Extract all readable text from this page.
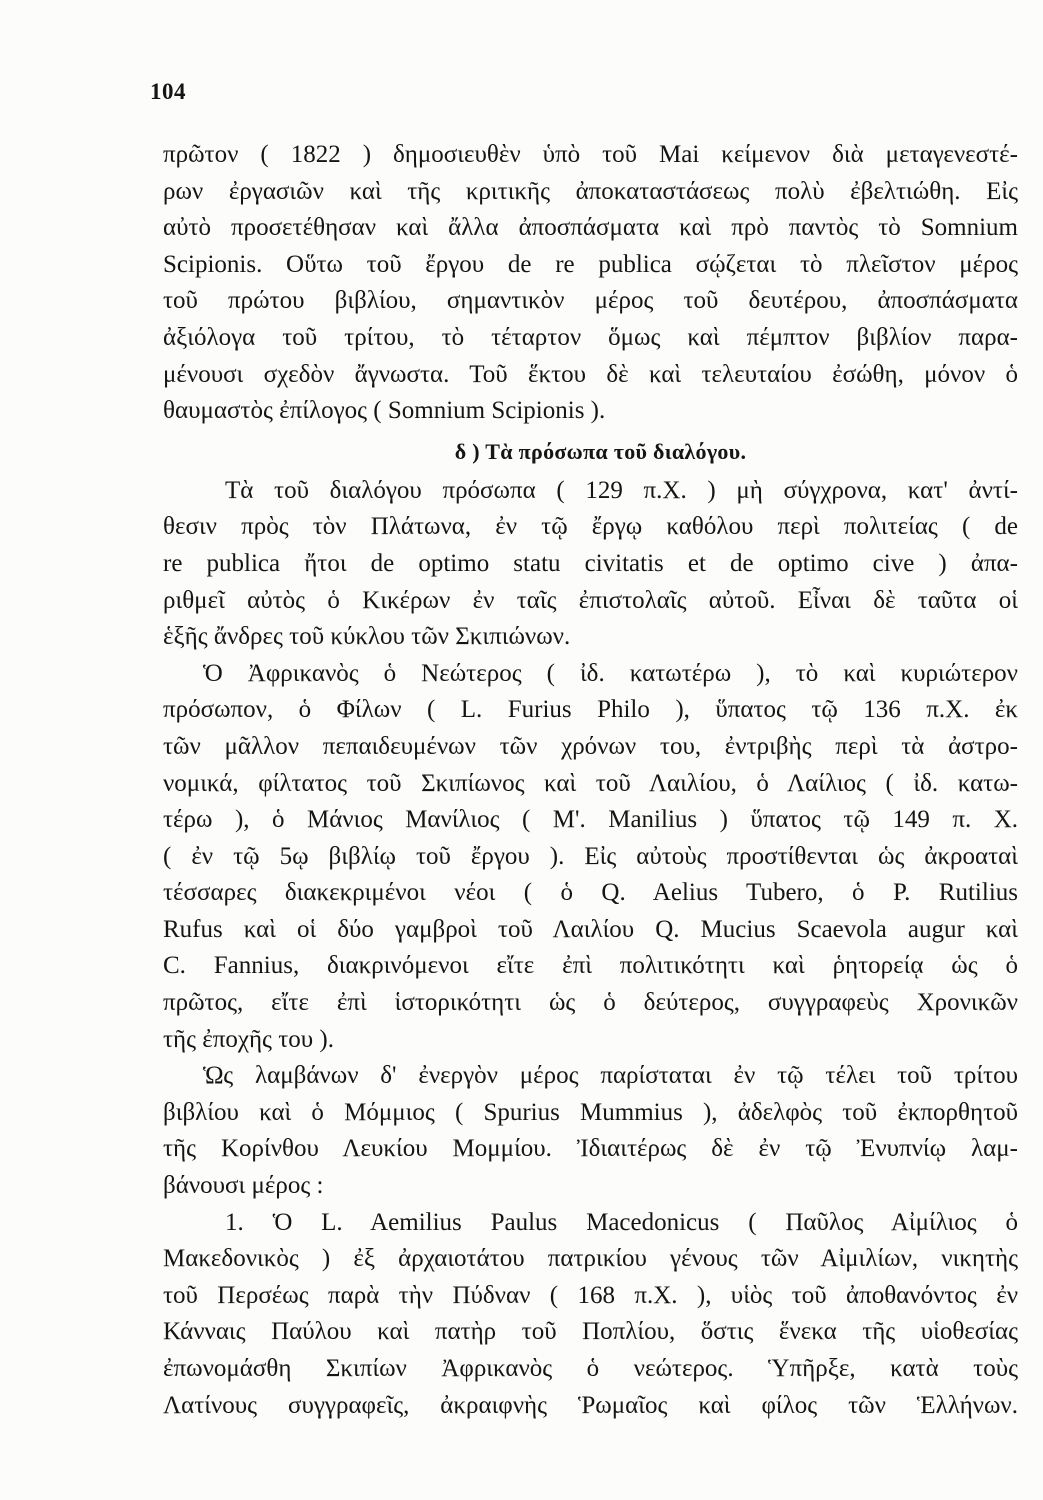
104
πρῶτον ( 1822 ) δημοσιευθὲν ὑπὸ τοῦ Mai κείμενον διὰ μεταγενεστέ-
ρων ἐργασιῶν καὶ τῆς κριτικῆς ἀποκαταστάσεως πολὺ ἐβελτιώθη. Εἰς
αὐτὸ προσετέθησαν καὶ ἄλλα ἀποσπάσματα καὶ πρὸ παντὸς τὸ Somnium
Scipionis. Οὕτω τοῦ ἔργου de re publica σῴζεται τὸ πλεῖστον μέρος
τοῦ πρώτου βιβλίου, σημαντικὸν μέρος τοῦ δευτέρου, ἀποσπάσματα
ἀξιόλογα τοῦ τρίτου, τὸ τέταρτον ὅμως καὶ πέμπτον βιβλίον παρα-
μένουσι σχεδὸν ἄγνωστα. Τοῦ ἕκτου δὲ καὶ τελευταίου ἐσώθη, μόνον ὁ
θαυμαστὸς ἐπίλογος ( Somnium Scipionis ).
δ ) Τὰ πρόσωπα τοῦ διαλόγου.
Τὰ τοῦ διαλόγου πρόσωπα ( 129 π.Χ. ) μὴ σύγχρονα, κατ' ἀντί-
θεσιν πρὸς τὸν Πλάτωνα, ἐν τῷ ἔργῳ καθόλου περὶ πολιτείας ( de
re publica ἤτοι de optimo statu civitatis et de optimo cive ) ἀπα-
ριθμεῖ αὐτὸς ὁ Κικέρων ἐν ταῖς ἐπιστολαῖς αὐτοῦ. Εἶναι δὲ ταῦτα οἱ
ἑξῆς ἄνδρες τοῦ κύκλου τῶν Σκιπιώνων.
Ὁ Ἀφρικανὸς ὁ Νεώτερος ( ἰδ. κατωτέρω ), τὸ καὶ κυριώτερον
πρόσωπον, ὁ Φίλων ( L. Furius Philo ), ὕπατος τῷ 136 π.Χ. ἐκ
τῶν μᾶλλον πεπαιδευμένων τῶν χρόνων του, ἐντριβὴς περὶ τὰ ἀστρο-
νομικά, φίλτατος τοῦ Σκιπίωνος καὶ τοῦ Λαιλίου, ὁ Λαίλιος ( ἰδ. κατω-
τέρω ), ὁ Μάνιος Μανίλιος ( Μ'. Manilius ) ὕπατος τῷ 149 π. Χ.
( ἐν τῷ 5ῳ βιβλίῳ τοῦ ἔργου ). Εἰς αὐτοὺς προστίθενται ὡς ἀκροαταὶ
τέσσαρες διακεκριμένοι νέοι ( ὁ Q. Aelius Tubero, ὁ P. Rutilius
Rufus καὶ οἱ δύο γαμβροὶ τοῦ Λαιλίου Q. Mucius Scaevola augur καὶ
C. Fannius, διακρινόμενοι εἴτε ἐπὶ πολιτικότητι καὶ ῥητορείᾳ ὡς ὁ
πρῶτος, εἴτε ἐπὶ ἱστορικότητι ὡς ὁ δεύτερος, συγγραφεὺς Χρονικῶν
τῆς ἐποχῆς του ).
Ὡς λαμβάνων δ' ἐνεργὸν μέρος παρίσταται ἐν τῷ τέλει τοῦ τρίτου
βιβλίου καὶ ὁ Μόμμιος ( Spurius Mummius ), ἀδελφὸς τοῦ ἐκπορθητοῦ
τῆς Κορίνθου Λευκίου Μομμίου. Ἰδιαιτέρως δὲ ἐν τῷ Ἐνυπνίῳ λαμ-
βάνουσι μέρος :
1. Ὁ L. Aemilius Paulus Macedonicus ( Παῦλος Αἰμίλιος ὁ
Μακεδονικὸς ) ἐξ ἀρχαιοτάτου πατρικίου γένους τῶν Αἰμιλίων, νικητὴς
τοῦ Περσέως παρὰ τὴν Πύδναν ( 168 π.Χ. ), υἱὸς τοῦ ἀποθανόντος ἐν
Κάνναις Παύλου καὶ πατὴρ τοῦ Ποπλίου, ὅστις ἕνεκα τῆς υἱοθεσίας
ἐπωνομάσθη Σκιπίων Ἀφρικανὸς ὁ νεώτερος. Ὑπῆρξε, κατὰ τοὺς
Λατίνους συγγραφεῖς, ἀκραιφνὴς Ῥωμαῖος καὶ φίλος τῶν Ἑλλήνων.
